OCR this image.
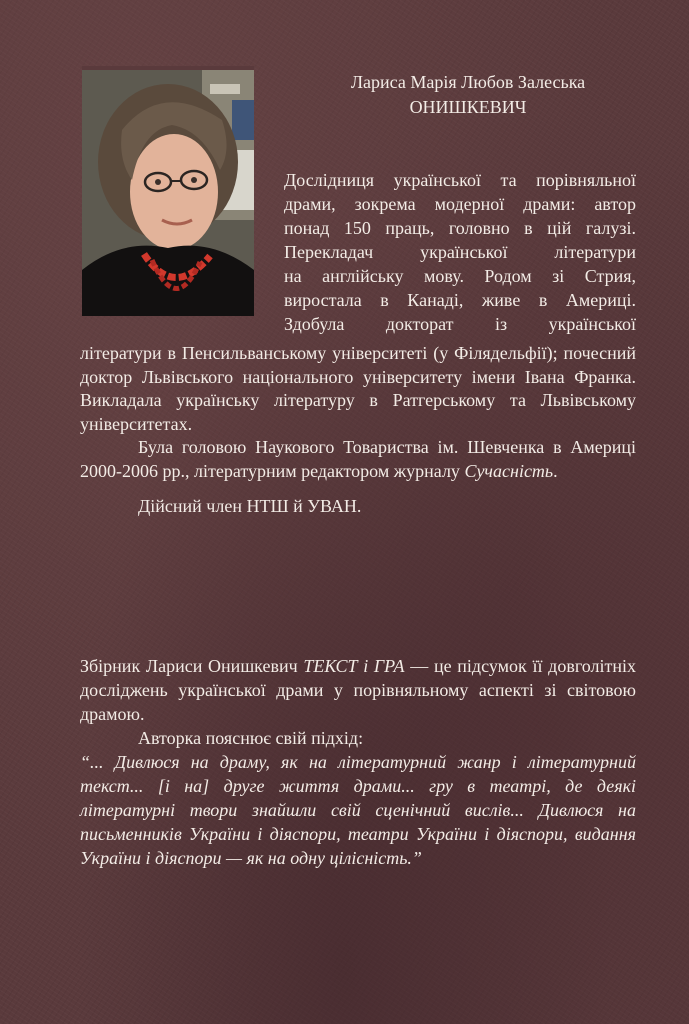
Лариса Марія Любов Залеська
ОНИШКЕВИЧ
Дослідниця української та порівняльної
драми, зокрема модерної драми: автор
понад 150 праць, головно в цій галузі.
Перекладач української літератури
на англійську мову. Родом зі Стрия,
виростала в Канаді, живе в Америці.
Здобула докторат із української
літератури в Пенсильванському університеті (у Філядельфії); почесний доктор Львівського національного університету імени Івана Франка. Викладала українську літературу в Ратгерському та Львівському університетах.
Була головою Наукового Товариства ім. Шевченка в Америці 2000-2006 рр., літературним редактором журналу Сучасність.
Дійсний член НТШ й УВАН.
Збірник Лариси Онишкевич ТЕКСТ і ГРА — це підсумок її довголітніх досліджень української драми у порівняльному аспекті зі світовою драмою.
Авторка пояснює свій підхід:
“... Дивлюся на драму, як на літературний жанр і літературний текст... [і на] друге життя драми... гру в театрі, де деякі літературні твори знайшли свій сценічний вислів... Дивлюся на письменників України і діяспори, театри України і діяспори, видання України і діяспори — як на одну цілісність.”
